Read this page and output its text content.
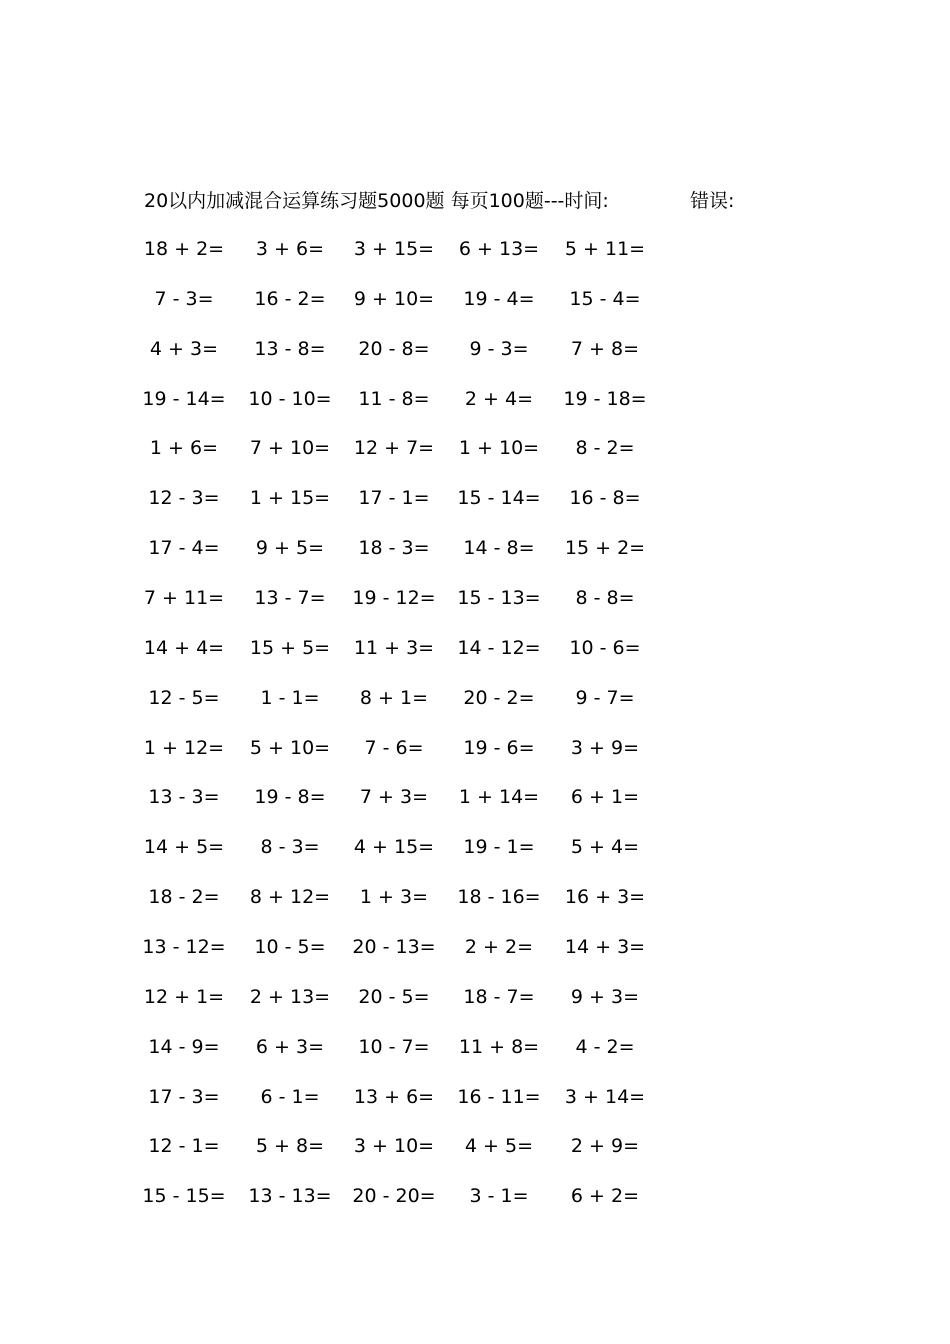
20以内加减混合运算练习题5000题 每页100题---时间:	错误:
18 + 2= 3 + 6= 3 + 15= 6 + 13= 5 + 11=
7 - 3= 16 - 2= 9 + 10= 19 - 4= 15 - 4=
4 + 3= 13 - 8= 20 - 8= 9 - 3= 7 + 8=
19 - 14= 10 - 10= 11 - 8= 2 + 4= 19 - 18=
1 + 6= 7 + 10= 12 + 7= 1 + 10= 8 - 2=
12 - 3= 1 + 15= 17 - 1= 15 - 14= 16 - 8=
17 - 4= 9 + 5= 18 - 3= 14 - 8= 15 + 2=
7 + 11= 13 - 7= 19 - 12= 15 - 13= 8 - 8=
14 + 4= 15 + 5= 11 + 3= 14 - 12= 10 - 6=
12 - 5= 1 - 1= 8 + 1= 20 - 2= 9 - 7=
1 + 12= 5 + 10= 7 - 6= 19 - 6= 3 + 9=
13 - 3= 19 - 8= 7 + 3= 1 + 14= 6 + 1=
14 + 5= 8 - 3= 4 + 15= 19 - 1= 5 + 4=
18 - 2= 8 + 12= 1 + 3= 18 - 16= 16 + 3=
13 - 12= 10 - 5= 20 - 13= 2 + 2= 14 + 3=
12 + 1= 2 + 13= 20 - 5= 18 - 7= 9 + 3=
14 - 9= 6 + 3= 10 - 7= 11 + 8= 4 - 2=
17 - 3= 6 - 1= 13 + 6= 16 - 11= 3 + 14=
12 - 1= 5 + 8= 3 + 10= 4 + 5= 2 + 9=
15 - 15= 13 - 13= 20 - 20= 3 - 1= 6 + 2=
